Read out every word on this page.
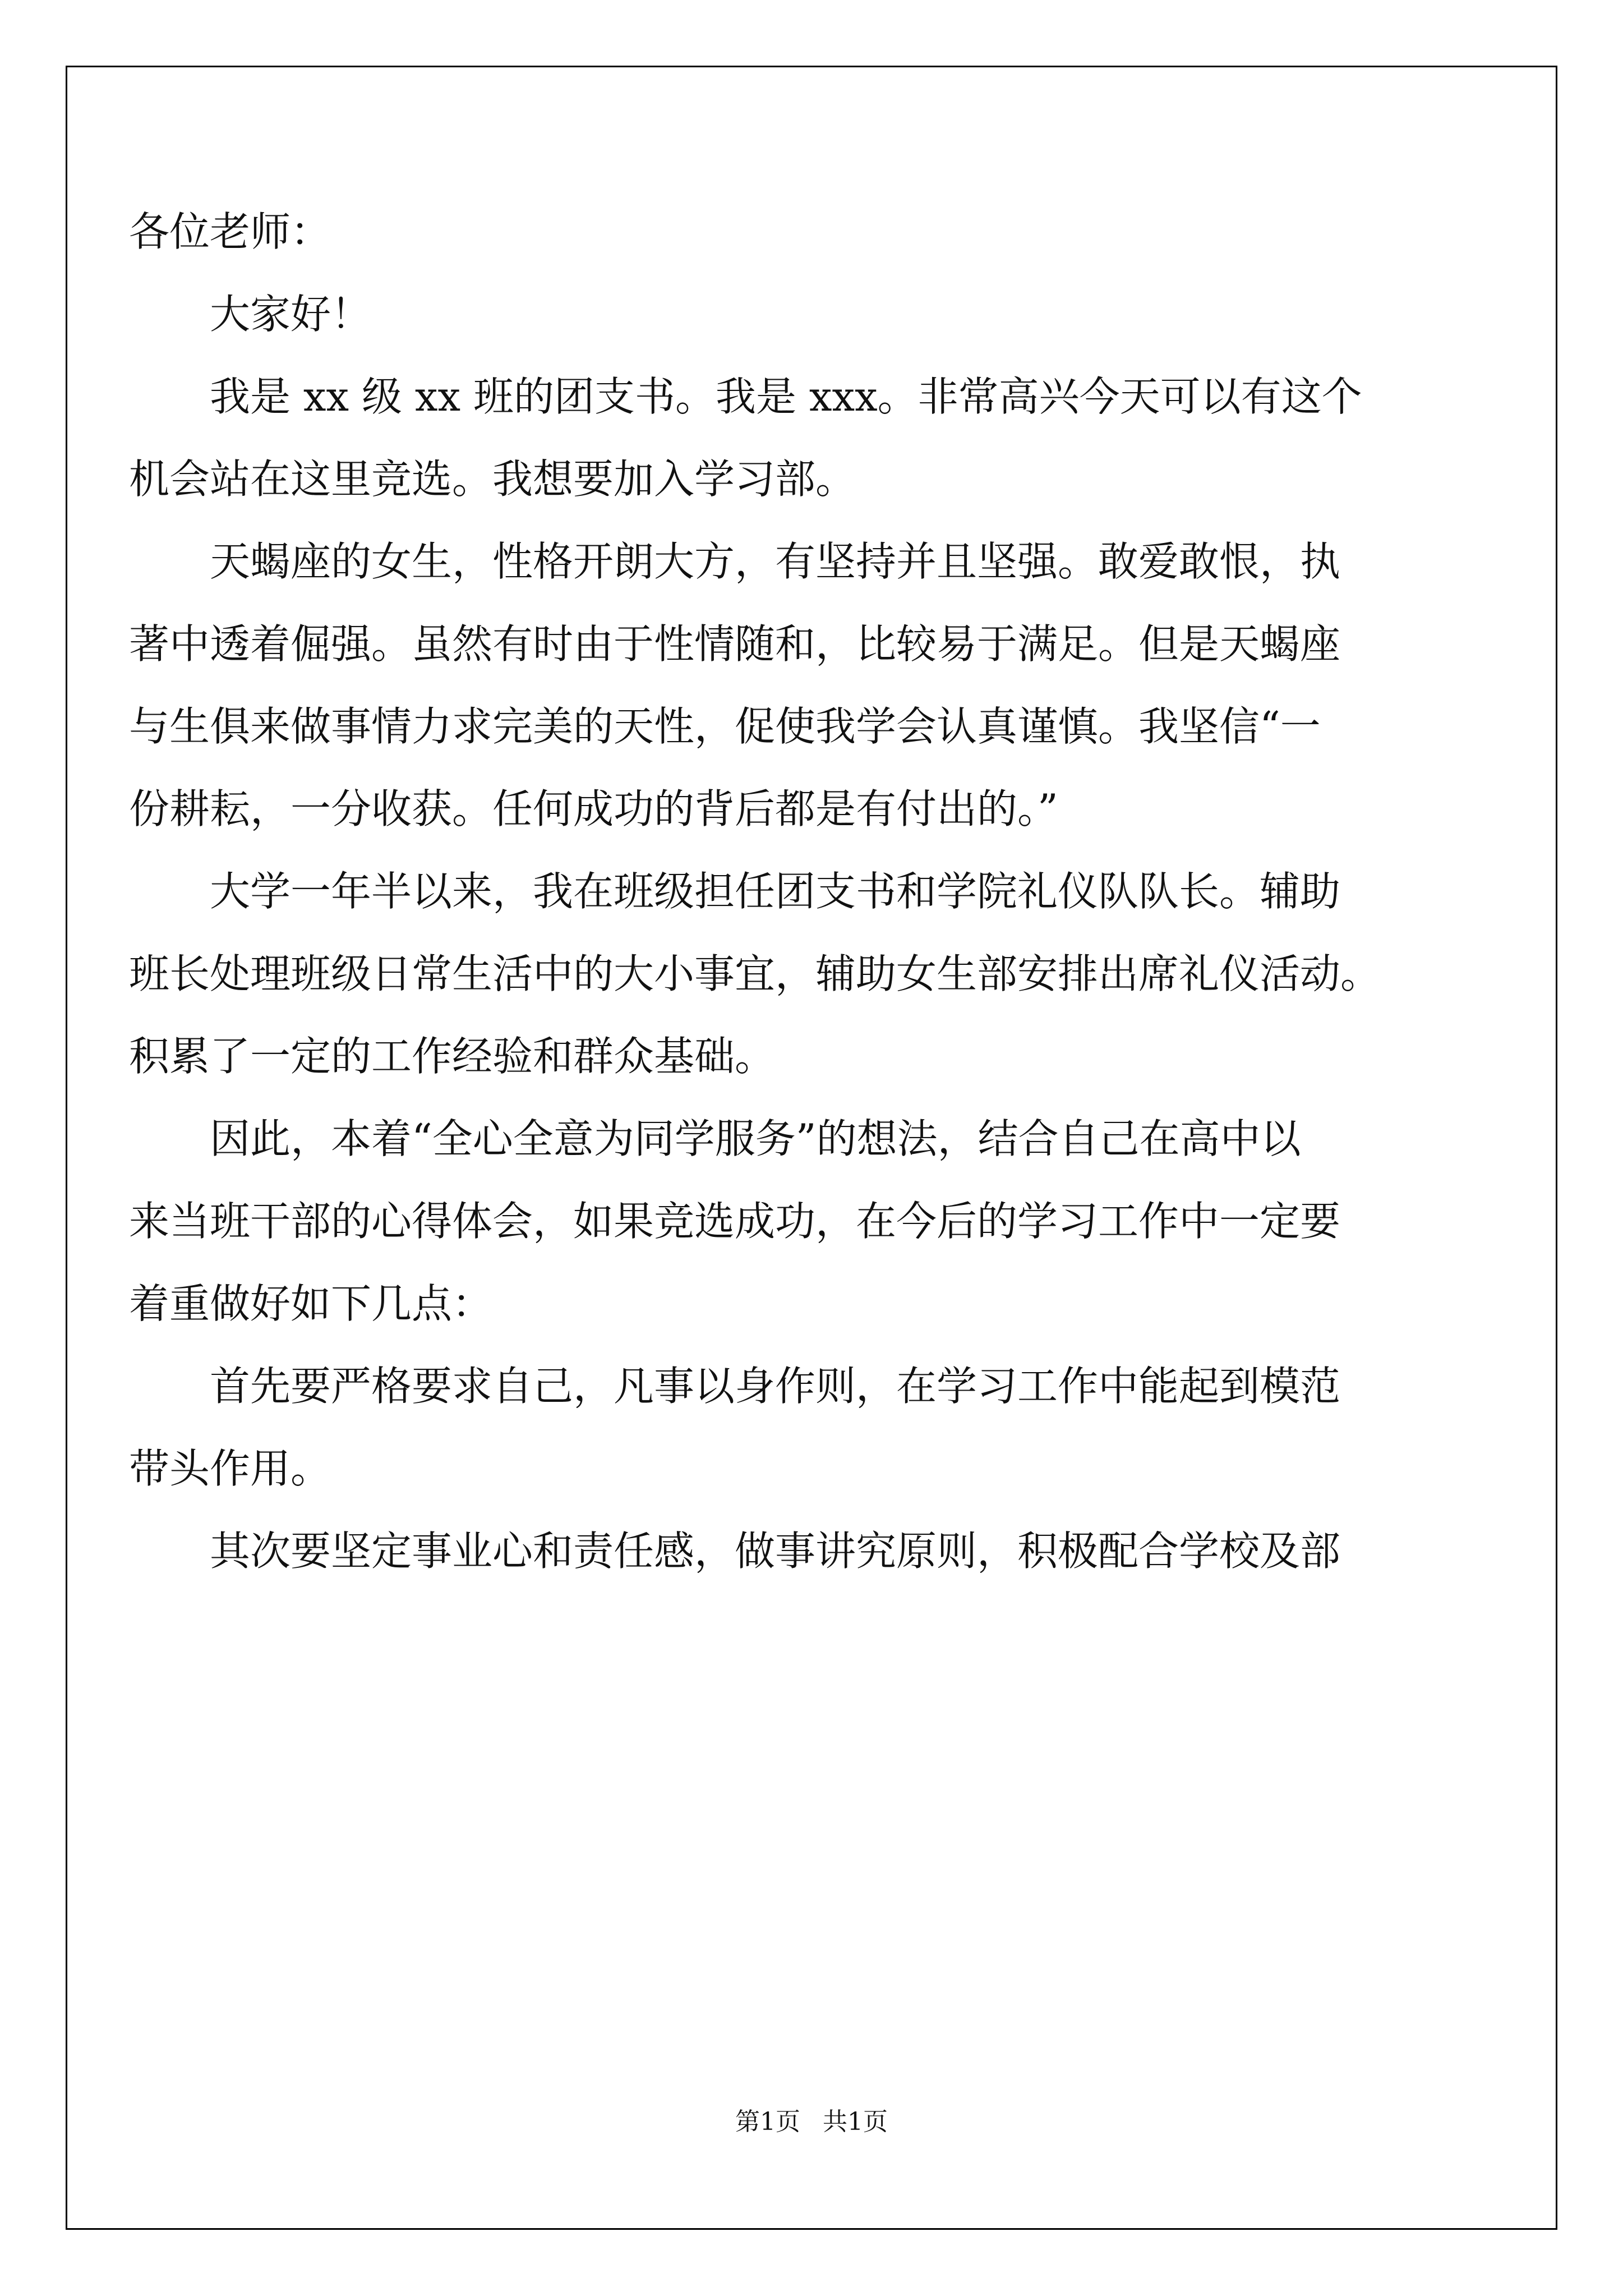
各位老师：
大家好！
我是 xx 级 xx 班的团支书。我是 xxx。非常高兴今天可以有这个
机会站在这里竞选。我想要加入学习部。
天蝎座的女生，性格开朗大方，有坚持并且坚强。敢爱敢恨，执
著中透着倔强。虽然有时由于性情随和，比较易于满足。但是天蝎座
与生俱来做事情力求完美的天性，促使我学会认真谨慎。我坚信“一
份耕耘，一分收获。任何成功的背后都是有付出的。”
大学一年半以来，我在班级担任团支书和学院礼仪队队长。辅助
班长处理班级日常生活中的大小事宜，辅助女生部安排出席礼仪活动。
积累了一定的工作经验和群众基础。
因此，本着“全心全意为同学服务”的想法，结合自己在高中以
来当班干部的心得体会，如果竞选成功，在今后的学习工作中一定要
着重做好如下几点：
首先要严格要求自己，凡事以身作则，在学习工作中能起到模范
带头作用。
其次要坚定事业心和责任感，做事讲究原则，积极配合学校及部
第1页 共1页
